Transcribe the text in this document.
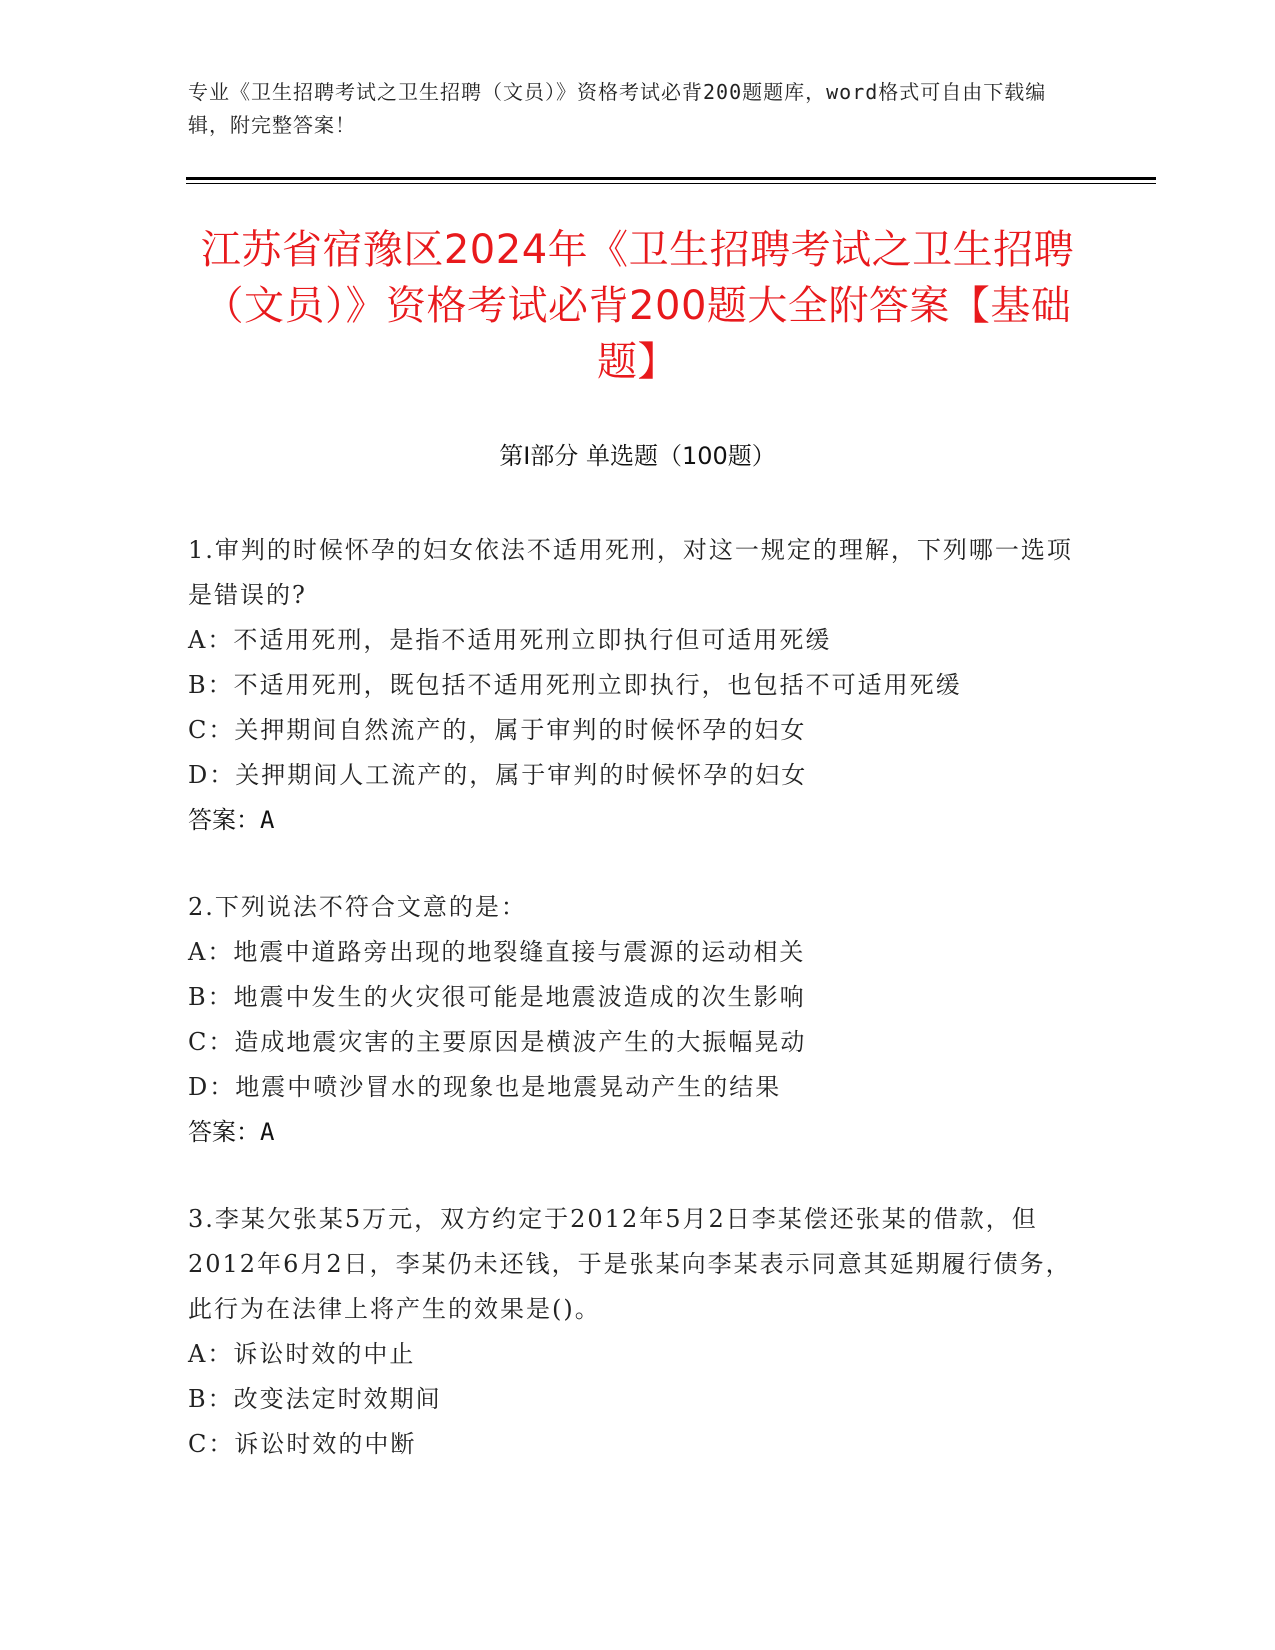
专业《卫生招聘考试之卫生招聘（文员）》资格考试必背200题题库，word格式可自由下载编辑，附完整答案！
江苏省宿豫区2024年《卫生招聘考试之卫生招聘（文员）》资格考试必背200题大全附答案【基础题】
第Ⅰ部分 单选题（100题）
1.审判的时候怀孕的妇女依法不适用死刑，对这一规定的理解，下列哪一选项是错误的?
A：不适用死刑，是指不适用死刑立即执行但可适用死缓
B：不适用死刑，既包括不适用死刑立即执行，也包括不可适用死缓
C：关押期间自然流产的，属于审判的时候怀孕的妇女
D：关押期间人工流产的，属于审判的时候怀孕的妇女
答案：A
2.下列说法不符合文意的是：
A：地震中道路旁出现的地裂缝直接与震源的运动相关
B：地震中发生的火灾很可能是地震波造成的次生影响
C：造成地震灾害的主要原因是横波产生的大振幅晃动
D：地震中喷沙冒水的现象也是地震晃动产生的结果
答案：A
3.李某欠张某5万元，双方约定于2012年5月2日李某偿还张某的借款，但2012年6月2日，李某仍未还钱，于是张某向李某表示同意其延期履行债务，此行为在法律上将产生的效果是()。
A：诉讼时效的中止
B：改变法定时效期间
C：诉讼时效的中断
